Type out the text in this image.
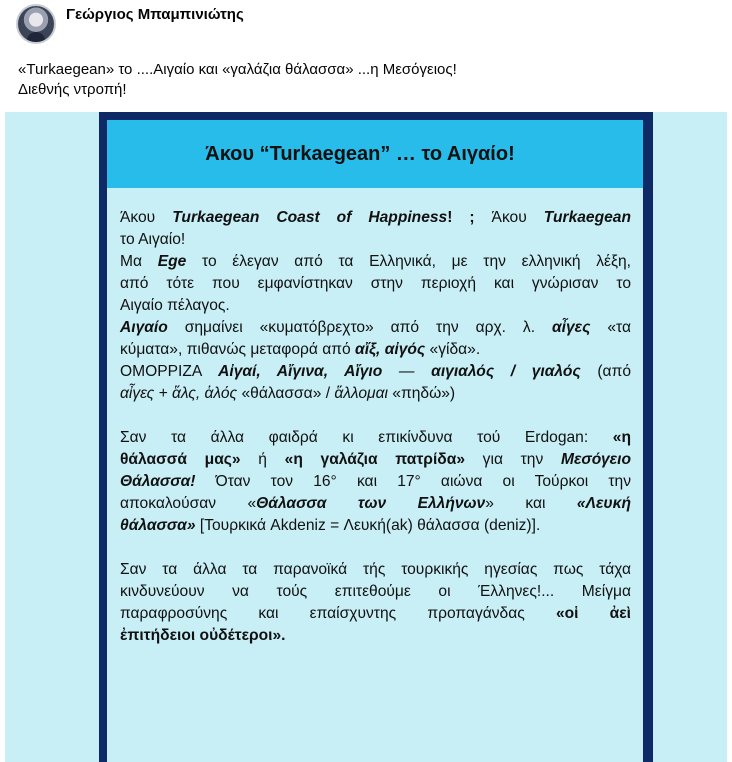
Γεώργιος Μπαμπινιώτης
«Turkaegean» το ....Αιγαίο και «γαλάζια θάλασσα» ...η Μεσόγειος!
Διεθνής ντροπή!
Άκου “Turkaegean” … το Αιγαίο!
Άκου Turkaegean Coast of Happiness! ; Άκου Turkaegean
το Αιγαίο!
Μα Ege το έλεγαν από τα Ελληνικά, με την ελληνική λέξη,
από τότε που εμφανίστηκαν στην περιοχή και γνώρισαν το
Αιγαίο πέλαγος.
Αιγαίο σημαίνει «κυματόβρεχτο» από την αρχ. λ. αἶγες «τα
κύματα», πιθανώς μεταφορά από αἴξ, αἰγός «γίδα».
ΟΜΟΡΡΙΖΑ Αἰγαί, Αἴγινα, Αἴγιο — αιγιαλός / γιαλός (από
αἶγες + ἅλς, ἁλός «θάλασσα» / ἅλλομαι «πηδώ»)
Σαν τα άλλα φαιδρά κι επικίνδυνα τού Erdogan: «η
θάλασσά μας» ή «η γαλάζια πατρίδα» για την Μεσόγειο
Θάλασσα! Όταν τον 16° και 17° αιώνα οι Τούρκοι την
αποκαλούσαν «Θάλασσα των Ελλήνων» και «Λευκή
θάλασσα» [Τουρκικά Akdeniz = Λευκή(ak) θάλασσα (deniz)].
Σαν τα άλλα τα παρανοϊκά τής τουρκικής ηγεσίας πως τάχα
κινδυνεύουν να τούς επιτεθούμε οι Έλληνες!... Μείγμα
παραφροσύνης και επαίσχυντης προπαγάνδας «οἱ ἀεὶ
ἐπιτήδειοι οὐδέτεροι».
